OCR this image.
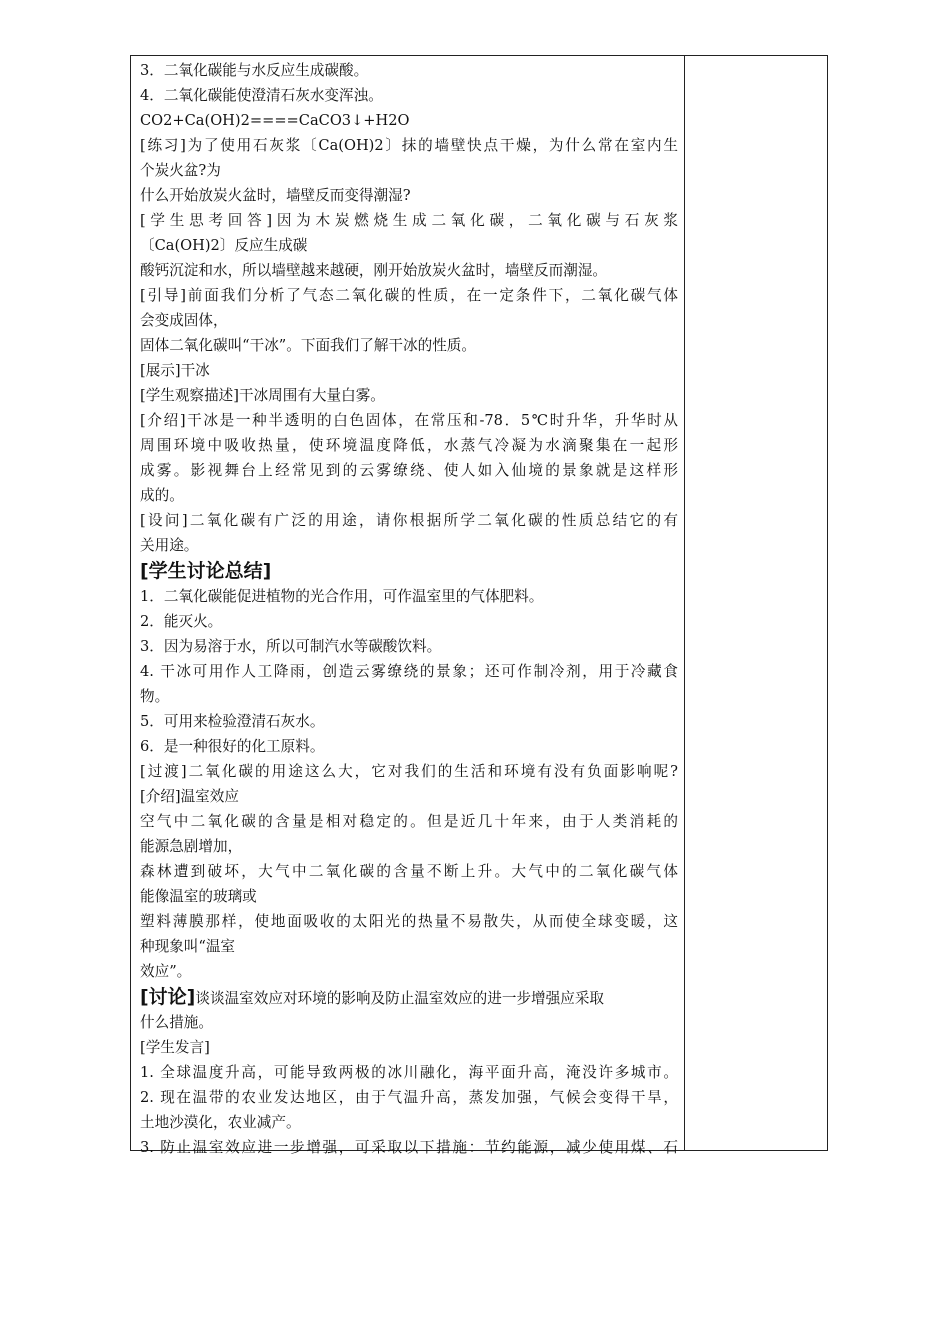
3．二氧化碳能与水反应生成碳酸。
4．二氧化碳能使澄清石灰水变浑浊。
CO2+Ca(OH)2====CaCO3↓+H2O
[练习]为了使用石灰浆〔Ca(OH)2〕抹的墙壁快点干燥，为什么常在室内生
个炭火盆?为
什么开始放炭火盆时，墙壁反而变得潮湿?
[学生思考回答]因为木炭燃烧生成二氧化碳，二氧化碳与石灰浆
〔Ca(OH)2〕反应生成碳
酸钙沉淀和水，所以墙壁越来越硬，刚开始放炭火盆时，墙壁反而潮湿。
[引导]前面我们分析了气态二氧化碳的性质，在一定条件下，二氧化碳气体
会变成固体，
固体二氧化碳叫“干冰”。下面我们了解干冰的性质。
[展示]干冰
[学生观察描述]干冰周围有大量白雾。
[介绍]干冰是一种半透明的白色固体，在常压和-78．5℃时升华，升华时从
周围环境中吸收热量，使环境温度降低，水蒸气冷凝为水滴聚集在一起形
成雾。影视舞台上经常见到的云雾缭绕、使人如入仙境的景象就是这样形
成的。
[设问]二氧化碳有广泛的用途，请你根据所学二氧化碳的性质总结它的有
关用途。
[学生讨论总结]
1．二氧化碳能促进植物的光合作用，可作温室里的气体肥料。
2．能灭火。
3．因为易溶于水，所以可制汽水等碳酸饮料。
4. 干冰可用作人工降雨，创造云雾缭绕的景象；还可作制冷剂，用于冷藏食
物。
5．可用来检验澄清石灰水。
6．是一种很好的化工原料。
[过渡]二氧化碳的用途这么大，它对我们的生活和环境有没有负面影响呢?
[介绍]温室效应
空气中二氧化碳的含量是相对稳定的。但是近几十年来，由于人类消耗的
能源急剧增加，
森林遭到破坏，大气中二氧化碳的含量不断上升。大气中的二氧化碳气体
能像温室的玻璃或
塑料薄膜那样，使地面吸收的太阳光的热量不易散失，从而使全球变暖，这
种现象叫“温室
效应”。
[讨论]谈谈温室效应对环境的影响及防止温室效应的进一步增强应采取
什么措施。
[学生发言]
1. 全球温度升高，可能导致两极的冰川融化，海平面升高，淹没许多城市。
2. 现在温带的农业发达地区，由于气温升高，蒸发加强，气候会变得干旱，
土地沙漠化，农业减产。
3. 防止温室效应进一步增强，可采取以下措施：节约能源，减少使用煤、石
